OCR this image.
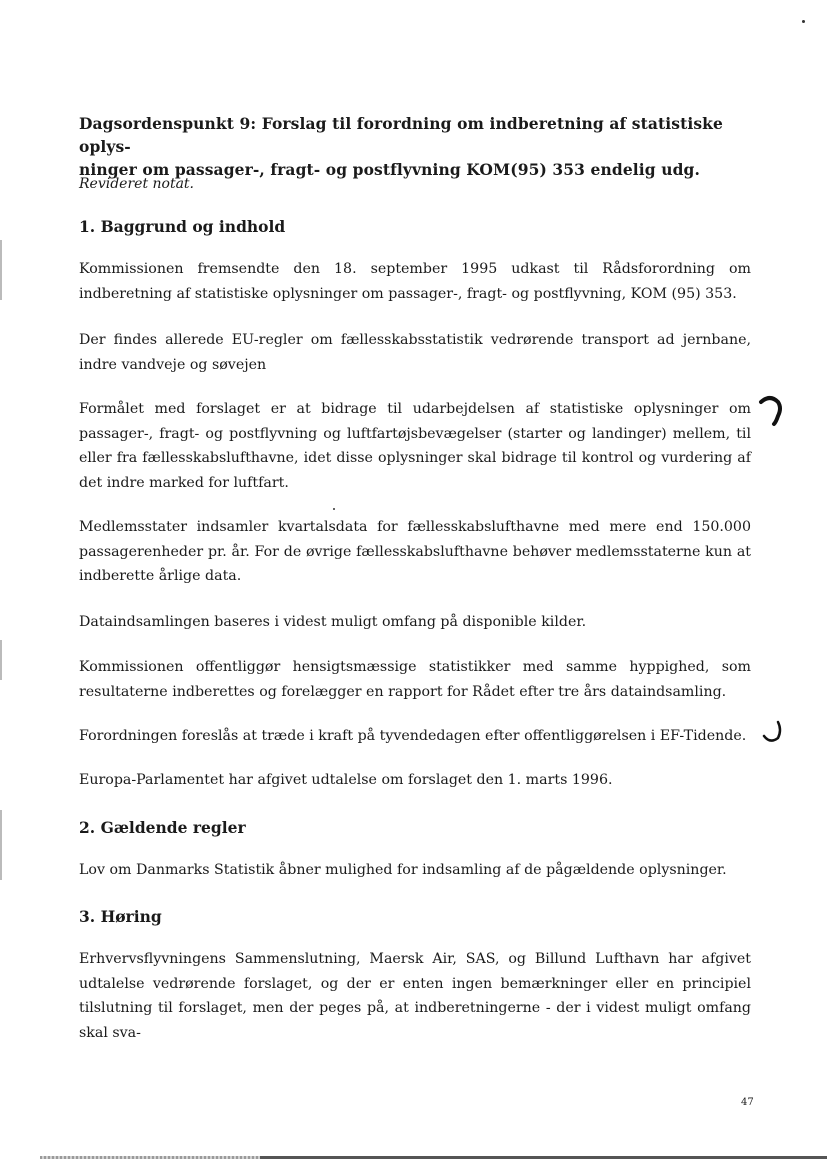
Dagsordenspunkt 9: Forslag til forordning om indberetning af statistiske oplys-
ninger om passager-, fragt- og postflyvning KOM(95) 353 endelig udg.
Revideret notat.
1. Baggrund og indhold
Kommissionen fremsendte den 18. september 1995 udkast til Rådsforordning om indberetning af statistiske oplysninger om passager-, fragt- og postflyvning, KOM (95) 353.
Der findes allerede EU-regler om fællesskabsstatistik vedrørende transport ad jernbane, indre vandveje og søvejen
Formålet med forslaget er at bidrage til udarbejdelsen af statistiske oplysninger om passager-, fragt- og postflyvning og luftfartøjsbevægelser (starter og landinger) mellem, til eller fra fællesskabslufthavne, idet disse oplysninger skal bidrage til kontrol og vurdering af det indre marked for luftfart.
Medlemsstater indsamler kvartalsdata for fællesskabslufthavne med mere end 150.000 passagerenheder pr. år. For de øvrige fællesskabslufthavne behøver medlemsstaterne kun at indberette årlige data.
Dataindsamlingen baseres i videst muligt omfang på disponible kilder.
Kommissionen offentliggør hensigtsmæssige statistikker med samme hyppighed, som resultaterne indberettes og forelægger en rapport for Rådet efter tre års dataindsamling.
Forordningen foreslås at træde i kraft på tyvendedagen efter offentliggørelsen i EF-Tidende.
Europa-Parlamentet har afgivet udtalelse om forslaget den 1. marts 1996.
2. Gældende regler
Lov om Danmarks Statistik åbner mulighed for indsamling af de pågældende oplysninger.
3. Høring
Erhvervsflyvningens Sammenslutning, Maersk Air, SAS, og Billund Lufthavn har afgivet udtalelse vedrørende forslaget, og der er enten ingen bemærkninger eller en principiel tilslutning til forslaget, men der peges på, at indberetningerne - der i videst muligt omfang skal sva-
47
